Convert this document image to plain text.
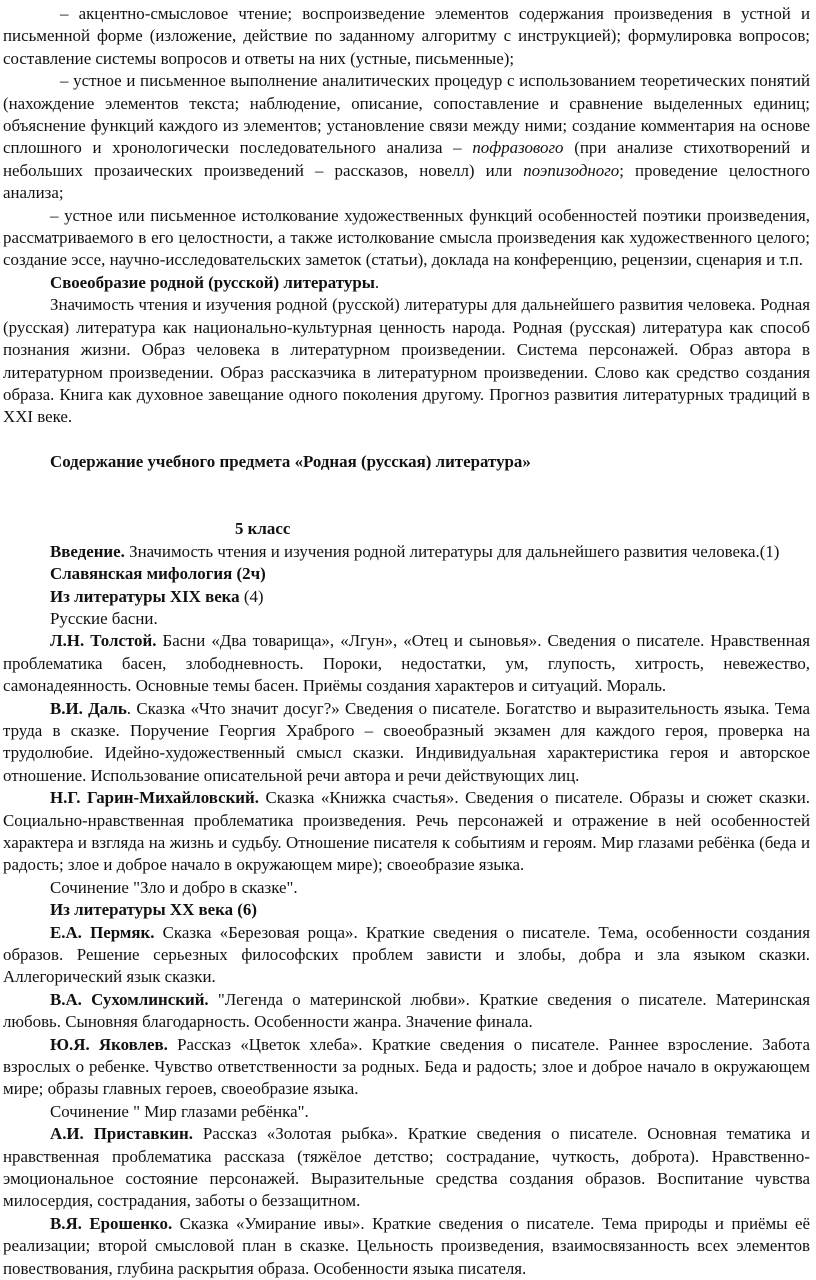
– акцентно-смысловое чтение; воспроизведение элементов содержания произведения в устной и письменной форме (изложение, действие по заданному алгоритму с инструкцией); формулировка вопросов; составление системы вопросов и ответы на них (устные, письменные);

– устное и письменное выполнение аналитических процедур с использованием теоретических понятий (нахождение элементов текста; наблюдение, описание, сопоставление и сравнение выделенных единиц; объяснение функций каждого из элементов; установление связи между ними; создание комментария на основе сплошного и хронологически последовательного анализа – пофразового (при анализе стихотворений и небольших прозаических произведений – рассказов, новелл) или поэпизодного; проведение целостного анализа;

– устное или письменное истолкование художественных функций особенностей поэтики произведения, рассматриваемого в его целостности, а также истолкование смысла произведения как художественного целого; создание эссе, научно-исследовательских заметок (статьи), доклада на конференцию, рецензии, сценария и т.п.

Своеобразие родной (русской) литературы.

Значимость чтения и изучения родной (русской) литературы для дальнейшего развития человека. Родная (русская) литература как национально-культурная ценность народа. Родная (русская) литература как способ познания жизни. Образ человека в литературном произведении. Система персонажей. Образ автора в литературном произведении. Образ рассказчика в литературном произведении. Слово как средство создания образа. Книга как духовное завещание одного поколения другому. Прогноз развития литературных традиций в XXI веке.

Содержание учебного предмета «Родная (русская) литература»

5 класс

Введение. Значимость чтения и изучения родной литературы для дальнейшего развития человека.(1)

Славянская мифология (2ч)

Из литературы XIX века (4)

Русские басни.

Л.Н. Толстой. Басни «Два товарища», «Лгун», «Отец и сыновья». Сведения о писателе. Нравственная проблематика басен, злободневность. Пороки, недостатки, ум, глупость, хитрость, невежество, самонадеянность. Основные темы басен. Приёмы создания характеров и ситуаций. Мораль.

В.И. Даль. Сказка «Что значит досуг?» Сведения о писателе. Богатство и выразительность языка. Тема труда в сказке. Поручение Георгия Храброго – своеобразный экзамен для каждого героя, проверка на трудолюбие. Идейно-художественный смысл сказки. Индивидуальная характеристика героя и авторское отношение. Использование описательной речи автора и речи действующих лиц.

Н.Г. Гарин-Михайловский. Сказка «Книжка счастья». Сведения о писателе. Образы и сюжет сказки. Социально-нравственная проблематика произведения. Речь персонажей и отражение в ней особенностей характера и взгляда на жизнь и судьбу. Отношение писателя к событиям и героям. Мир глазами ребёнка (беда и радость; злое и доброе начало в окружающем мире); своеобразие языка.

Сочинение "Зло и добро в сказке".

Из литературы XX века (6)

Е.А. Пермяк. Сказка «Березовая роща». Краткие сведения о писателе. Тема, особенности создания образов. Решение серьезных философских проблем зависти и злобы, добра и зла языком сказки. Аллегорический язык сказки.

В.А. Сухомлинский. "Легенда о материнской любви». Краткие сведения о писателе. Материнская любовь. Сыновняя благодарность. Особенности жанра. Значение финала.

Ю.Я. Яковлев. Рассказ «Цветок хлеба». Краткие сведения о писателе. Раннее взросление. Забота взрослых о ребенке. Чувство ответственности за родных. Беда и радость; злое и доброе начало в окружающем мире; образы главных героев, своеобразие языка.

Сочинение " Мир глазами ребёнка".

А.И. Приставкин. Рассказ «Золотая рыбка». Краткие сведения о писателе. Основная тематика и нравственная проблематика рассказа (тяжёлое детство; сострадание, чуткость, доброта). Нравственно-эмоциональное состояние персонажей. Выразительные средства создания образов. Воспитание чувства милосердия, сострадания, заботы о беззащитном.

В.Я. Ерошенко. Сказка «Умирание ивы». Краткие сведения о писателе. Тема природы и приёмы её реализации; второй смысловой план в сказке. Цельность произведения, взаимосвязанность всех элементов повествования, глубина раскрытия образа. Особенности языка писателя.
